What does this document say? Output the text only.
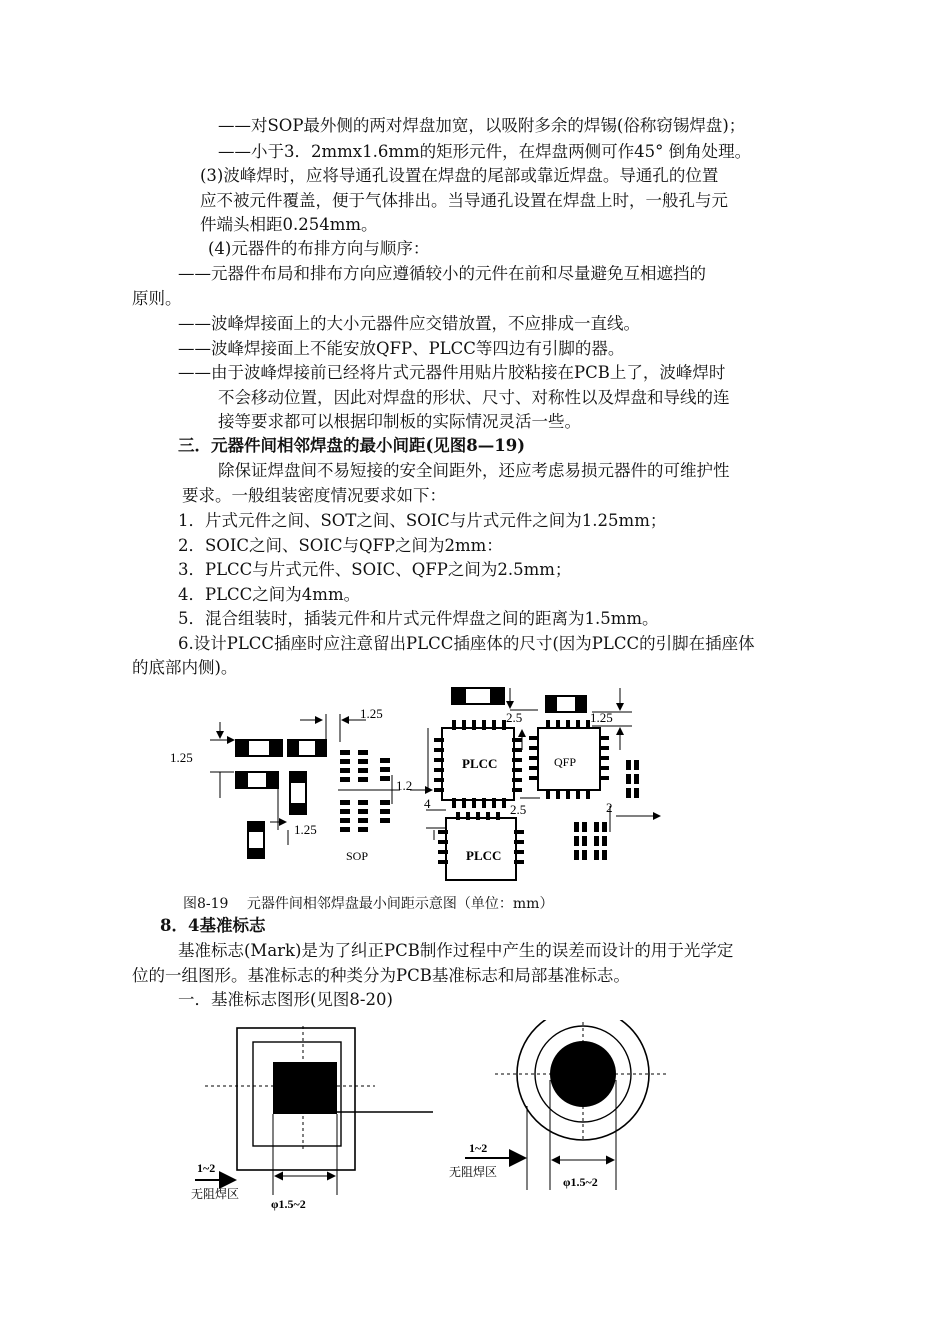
——对SOP最外侧的两对焊盘加宽，以吸附多余的焊锡(俗称窃锡焊盘)；
——小于3．2mmx1.6mm的矩形元件，在焊盘两侧可作45° 倒角处理。
(3)波峰焊时，应将导通孔设置在焊盘的尾部或靠近焊盘。导通孔的位置
应不被元件覆盖，便于气体排出。当导通孔设置在焊盘上时，一般孔与元
件端头相距0.254mm。
(4)元器件的布排方向与顺序：
——元器件布局和排布方向应遵循较小的元件在前和尽量避免互相遮挡的
原则。
——波峰焊接面上的大小元器件应交错放置，不应排成一直线。
——波峰焊接面上不能安放QFP、PLCC等四边有引脚的器。
——由于波峰焊接前已经将片式元器件用贴片胶粘接在PCB上了，波峰焊时
不会移动位置，因此对焊盘的形状、尺寸、对称性以及焊盘和导线的连
接等要求都可以根据印制板的实际情况灵活一些。
三．元器件间相邻焊盘的最小间距(见图8—19)
除保证焊盘间不易短接的安全间距外，还应考虑易损元器件的可维护性
要求。一般组装密度情况要求如下：
1．片式元件之间、SOT之间、SOIC与片式元件之间为1.25mm；
2．SOIC之间、SOIC与QFP之间为2mm：
3．PLCC与片式元件、SOIC、QFP之间为2.5mm；
4．PLCC之间为4mm。
5．混合组装时，插装元件和片式元件焊盘之间的距离为1.5mm。
6.设计PLCC插座时应注意留出PLCC插座体的尺寸(因为PLCC的引脚在插座体
的底部内侧)。
1.25
1.25
1.25
SOP
1.2
PLCC
2.5
4
PLCC
2.5
QFP
1.25
2
图8-19　 元器件间相邻焊盘最小间距示意图（单位：mm）
8．4基准标志
基准标志(Mark)是为了纠正PCB制作过程中产生的误差而设计的用于光学定
位的一组图形。基准标志的种类分为PCB基准标志和局部基准标志。
一．基准标志图形(见图8-20)
1~2
无阻焊区
φ1.5~2
1~2
无阻焊区
φ1.5~2
